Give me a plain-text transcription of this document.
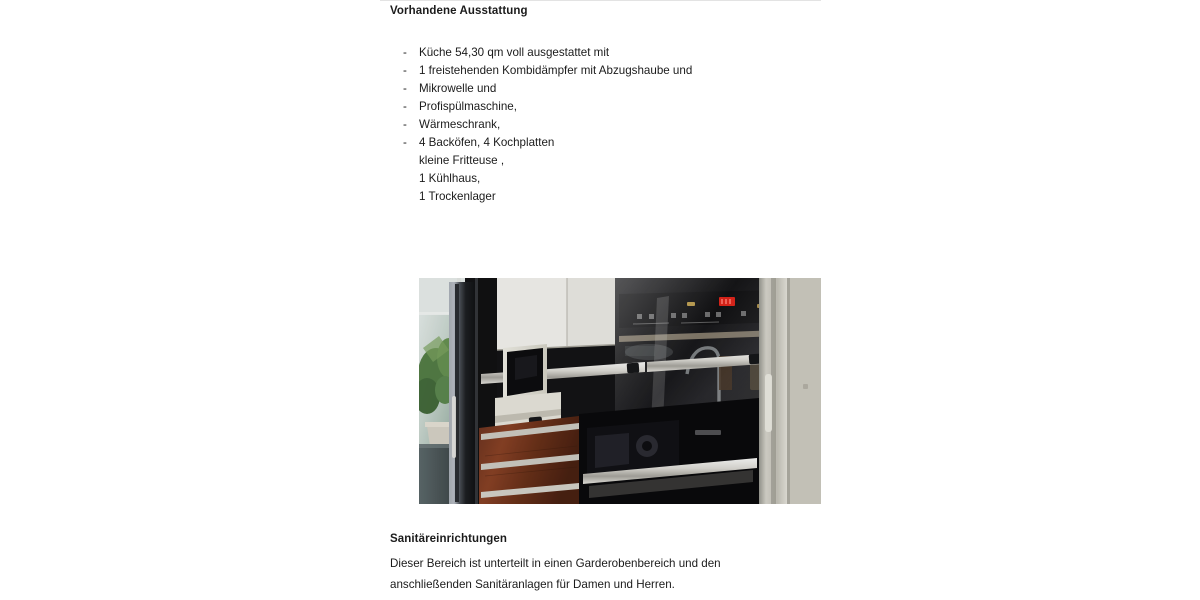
Vorhandene Ausstattung
-	Küche 54,30 qm voll ausgestattet mit
-	1 freistehenden Kombidämpfer mit Abzugshaube und
-	Mikrowelle und
-	Profispülmaschine,
-	Wärmeschrank,
-	4 Backöfen, 4 Kochplatten
kleine Fritteuse ,
1 Kühlhaus,
1 Trockenlager
Sanitäreinrichtungen
Dieser Bereich ist unterteilt in einen Garderobenbereich und den
anschließenden Sanitäranlagen für Damen und Herren.
